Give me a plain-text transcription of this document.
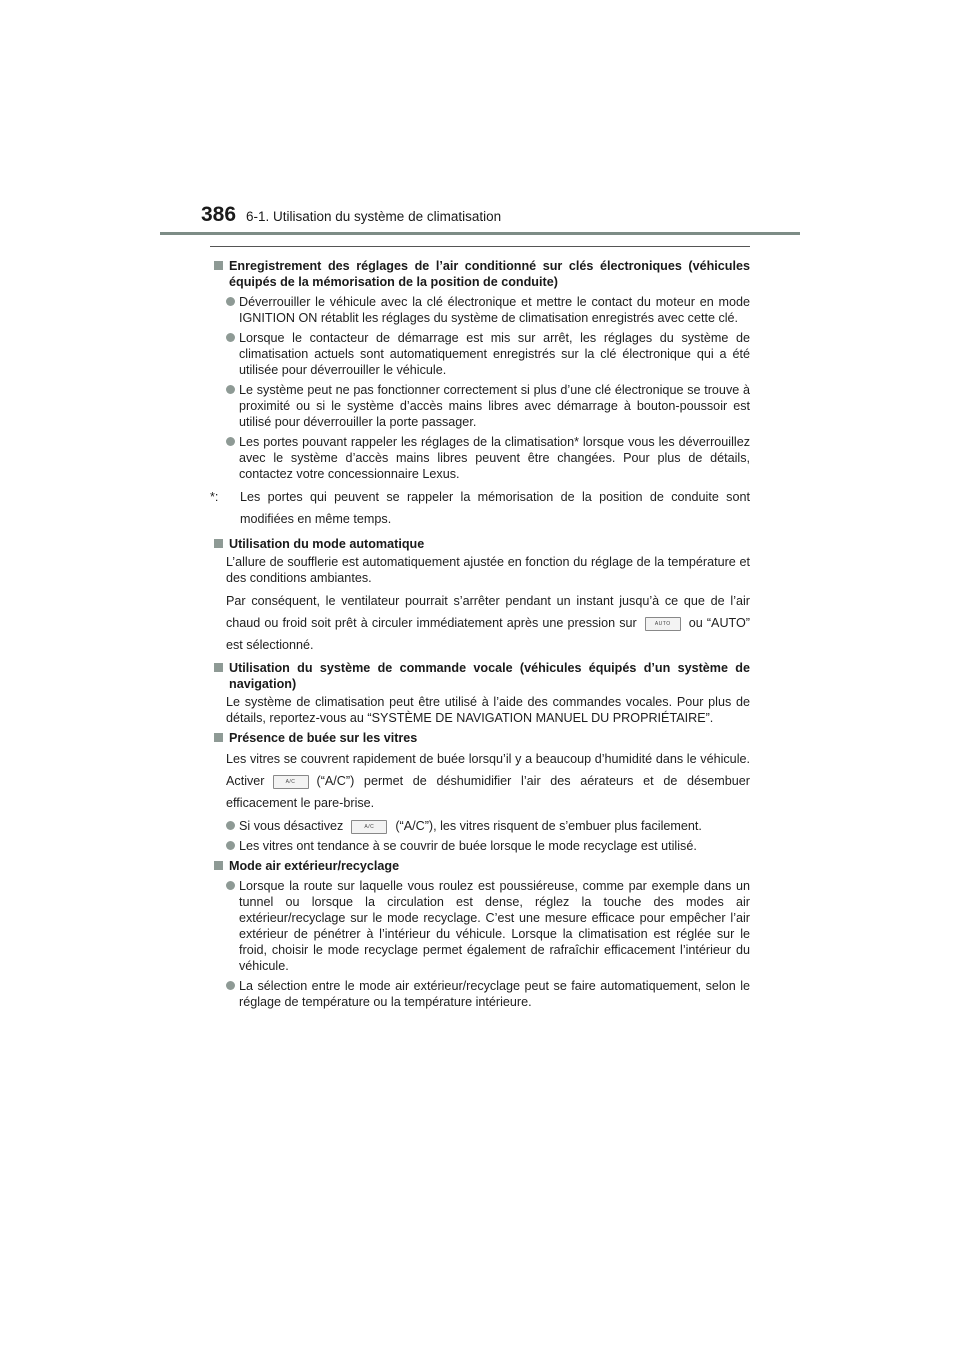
386 6-1. Utilisation du système de climatisation
Enregistrement des réglages de l’air conditionné sur clés électroniques (véhicules équipés de la mémorisation de la position de conduite)
Déverrouiller le véhicule avec la clé électronique et mettre le contact du moteur en mode IGNITION ON rétablit les réglages du système de climatisation enregistrés avec cette clé.
Lorsque le contacteur de démarrage est mis sur arrêt, les réglages du système de climatisation actuels sont automatiquement enregistrés sur la clé électronique qui a été utilisée pour déverrouiller le véhicule.
Le système peut ne pas fonctionner correctement si plus d’une clé électronique se trouve à proximité ou si le système d’accès mains libres avec démarrage à bouton-poussoir est utilisé pour déverrouiller la porte passager.
Les portes pouvant rappeler les réglages de la climatisation* lorsque vous les déverrouillez avec le système d’accès mains libres peuvent être changées. Pour plus de détails, contactez votre concessionnaire Lexus.
*:	Les portes qui peuvent se rappeler la mémorisation de la position de conduite sont modifiées en même temps.
Utilisation du mode automatique
L’allure de soufflerie est automatiquement ajustée en fonction du réglage de la température et des conditions ambiantes.
Par conséquent, le ventilateur pourrait s’arrêter pendant un instant jusqu’à ce que de l’air chaud ou froid soit prêt à circuler immédiatement après une pression sur	AUTO ou “AUTO” est sélectionné.
Utilisation du système de commande vocale (véhicules équipés d’un système de navigation)
Le système de climatisation peut être utilisé à l’aide des commandes vocales. Pour plus de détails, reportez-vous au “SYSTÈME DE NAVIGATION MANUEL DU PROPRIÉTAIRE”.
Présence de buée sur les vitres
Les vitres se couvrent rapidement de buée lorsqu’il y a beaucoup d’humidité dans le véhicule. Activer	A/C (“A/C”) permet de déshumidifier l’air des aérateurs et de désembuer efficacement le pare-brise.
Si vous désactivez	A/C (“A/C”), les vitres risquent de s’embuer plus facilement.
Les vitres ont tendance à se couvrir de buée lorsque le mode recyclage est utilisé.
Mode air extérieur/recyclage
Lorsque la route sur laquelle vous roulez est poussiéreuse, comme par exemple dans un tunnel ou lorsque la circulation est dense, réglez la touche des modes air extérieur/recyclage sur le mode recyclage. C’est une mesure efficace pour empêcher l’air extérieur de pénétrer à l’intérieur du véhicule. Lorsque la climatisation est réglée sur le froid, choisir le mode recyclage permet également de rafraîchir efficacement l’intérieur du véhicule.
La sélection entre le mode air extérieur/recyclage peut se faire automatiquement, selon le réglage de température ou la température intérieure.
